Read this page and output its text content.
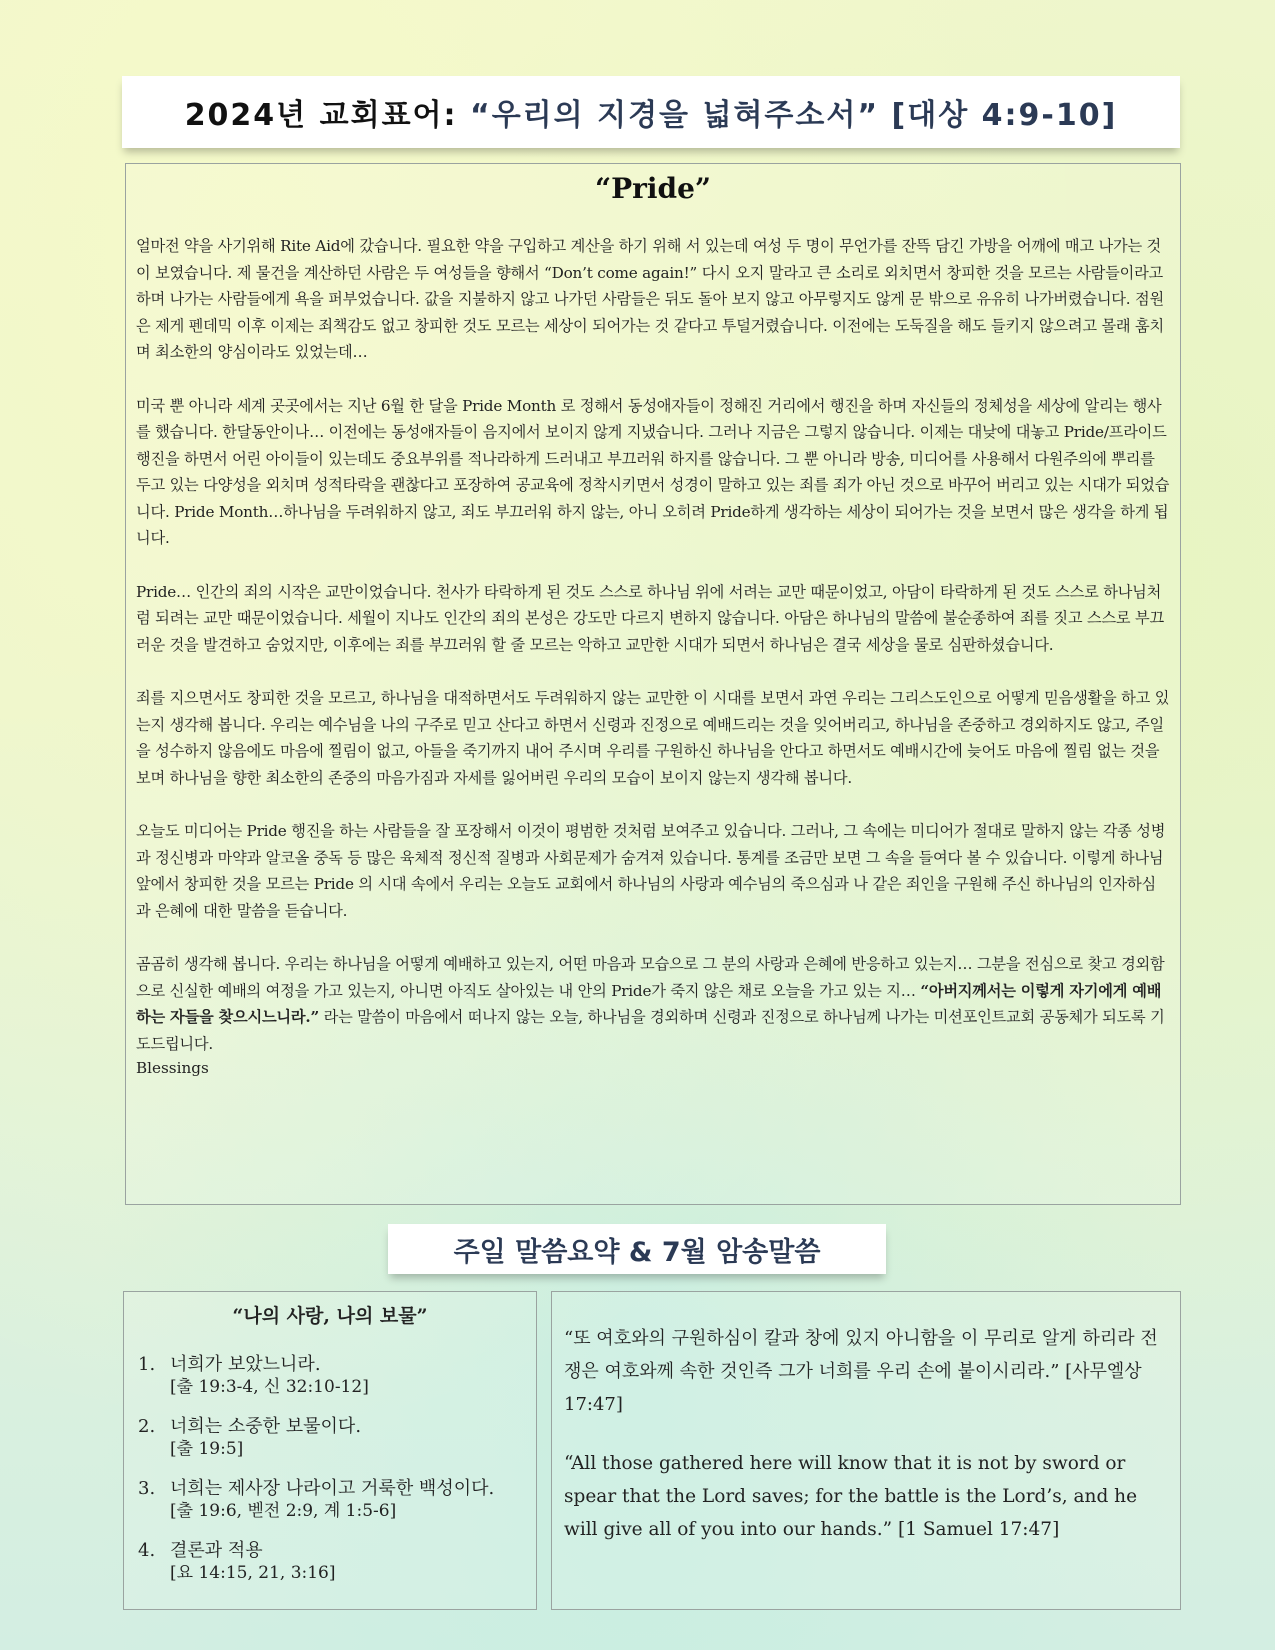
2024년 교회표어: “우리의 지경을 넓혀주소서” [대상 4:9-10]
“Pride”

얼마전 약을 사기위해 Rite Aid에 갔습니다. 필요한 약을 구입하고 계산을 하기 위해 서 있는데 여성 두 명이 무언가를 잔뜩 담긴 가방을 어깨에 매고 나가는 것이 보였습니다. 제 물건을 계산하던 사람은 두 여성들을 향해서 “Don’t come again!” 다시 오지 말라고 큰 소리로 외치면서 창피한 것을 모르는 사람들이라고 하며 나가는 사람들에게 욕을 퍼부었습니다. 값을 지불하지 않고 나가던 사람들은 뒤도 돌아 보지 않고 아무렇지도 않게 문 밖으로 유유히 나가버렸습니다. 점원은 제게 펜데믹 이후 이제는 죄책감도 없고 창피한 것도 모르는 세상이 되어가는 것 같다고 투덜거렸습니다. 이전에는 도둑질을 해도 들키지 않으려고 몰래 훔치며 최소한의 양심이라도 있었는데…

미국 뿐 아니라 세계 곳곳에서는 지난 6월 한 달을 Pride Month 로 정해서 동성애자들이 정해진 거리에서 행진을 하며 자신들의 정체성을 세상에 알리는 행사를 했습니다. 한달동안이나… 이전에는 동성애자들이 음지에서 보이지 않게 지냈습니다. 그러나 지금은 그렇지 않습니다. 이제는 대낮에 대놓고 Pride/프라이드 행진을 하면서 어린 아이들이 있는데도 중요부위를 적나라하게 드러내고 부끄러워 하지를 않습니다. 그 뿐 아니라 방송, 미디어를 사용해서 다원주의에 뿌리를 두고 있는 다양성을 외치며 성적타락을 괜찮다고 포장하여 공교육에 정착시키면서 성경이 말하고 있는 죄를 죄가 아닌 것으로 바꾸어 버리고 있는 시대가 되었습니다. Pride Month…하나님을 두려워하지 않고, 죄도 부끄러워 하지 않는, 아니 오히려 Pride하게 생각하는 세상이 되어가는 것을 보면서 많은 생각을 하게 됩니다.

Pride… 인간의 죄의 시작은 교만이었습니다. 천사가 타락하게 된 것도 스스로 하나님 위에 서려는 교만 때문이었고, 아담이 타락하게 된 것도 스스로 하나님처럼 되려는 교만 때문이었습니다. 세월이 지나도 인간의 죄의 본성은 강도만 다르지 변하지 않습니다. 아담은 하나님의 말씀에 불순종하여 죄를 짓고 스스로 부끄러운 것을 발견하고 숨었지만, 이후에는 죄를 부끄러워 할 줄 모르는 악하고 교만한 시대가 되면서 하나님은 결국 세상을 물로 심판하셨습니다.

죄를 지으면서도 창피한 것을 모르고, 하나님을 대적하면서도 두려워하지 않는 교만한 이 시대를 보면서 과연 우리는 그리스도인으로 어떻게 믿음생활을 하고 있는지 생각해 봅니다. 우리는 예수님을 나의 구주로 믿고 산다고 하면서 신령과 진정으로 예배드리는 것을 잊어버리고, 하나님을 존중하고 경외하지도 않고, 주일을 성수하지 않음에도 마음에 찔림이 없고, 아들을 죽기까지 내어 주시며 우리를 구원하신 하나님을 안다고 하면서도 예배시간에 늦어도 마음에 찔림 없는 것을 보며 하나님을 향한 최소한의 존중의 마음가짐과 자세를 잃어버린 우리의 모습이 보이지 않는지 생각해 봅니다.

오늘도 미디어는 Pride 행진을 하는 사람들을 잘 포장해서 이것이 평범한 것처럼 보여주고 있습니다. 그러나, 그 속에는 미디어가 절대로 말하지 않는 각종 성병과 정신병과 마약과 알코올 중독 등 많은 육체적 정신적 질병과 사회문제가 숨겨져 있습니다. 통계를 조금만 보면 그 속을 들여다 볼 수 있습니다. 이렇게 하나님 앞에서 창피한 것을 모르는 Pride 의 시대 속에서 우리는 오늘도 교회에서 하나님의 사랑과 예수님의 죽으심과 나 같은 죄인을 구원해 주신 하나님의 인자하심과 은혜에 대한 말씀을 듣습니다.

곰곰히 생각해 봅니다. 우리는 하나님을 어떻게 예배하고 있는지, 어떤 마음과 모습으로 그 분의 사랑과 은혜에 반응하고 있는지… 그분을 전심으로 찾고 경외함으로 신실한 예배의 여정을 가고 있는지, 아니면 아직도 살아있는 내 안의 Pride가 죽지 않은 채로 오늘을 가고 있는 지… “아버지께서는 이렇게 자기에게 예배하는 자들을 찾으시느니라.” 라는 말씀이 마음에서 떠나지 않는 오늘, 하나님을 경외하며 신령과 진정으로 하나님께 나가는 미션포인트교회 공동체가 되도록 기도드립니다.

Blessings
주일 말씀요약 & 7월 암송말씀
“나의 사랑, 나의 보물”
1. 너희가 보았느니라.
[출 19:3-4, 신 32:10-12]
2. 너희는 소중한 보물이다.
[출 19:5]
3. 너희는 제사장 나라이고 거룩한 백성이다.
[출 19:6, 벧전 2:9, 계 1:5-6]
4. 결론과 적용
[요 14:15, 21, 3:16]

“또 여호와의 구원하심이 칼과 창에 있지 아니함을 이 무리로 알게 하리라 전쟁은 여호와께 속한 것인즉 그가 너희를 우리 손에 붙이시리라.” [사무엘상 17:47]

“All those gathered here will know that it is not by sword or spear that the Lord saves; for the battle is the Lord’s, and he will give all of you into our hands.” [1 Samuel 17:47]
